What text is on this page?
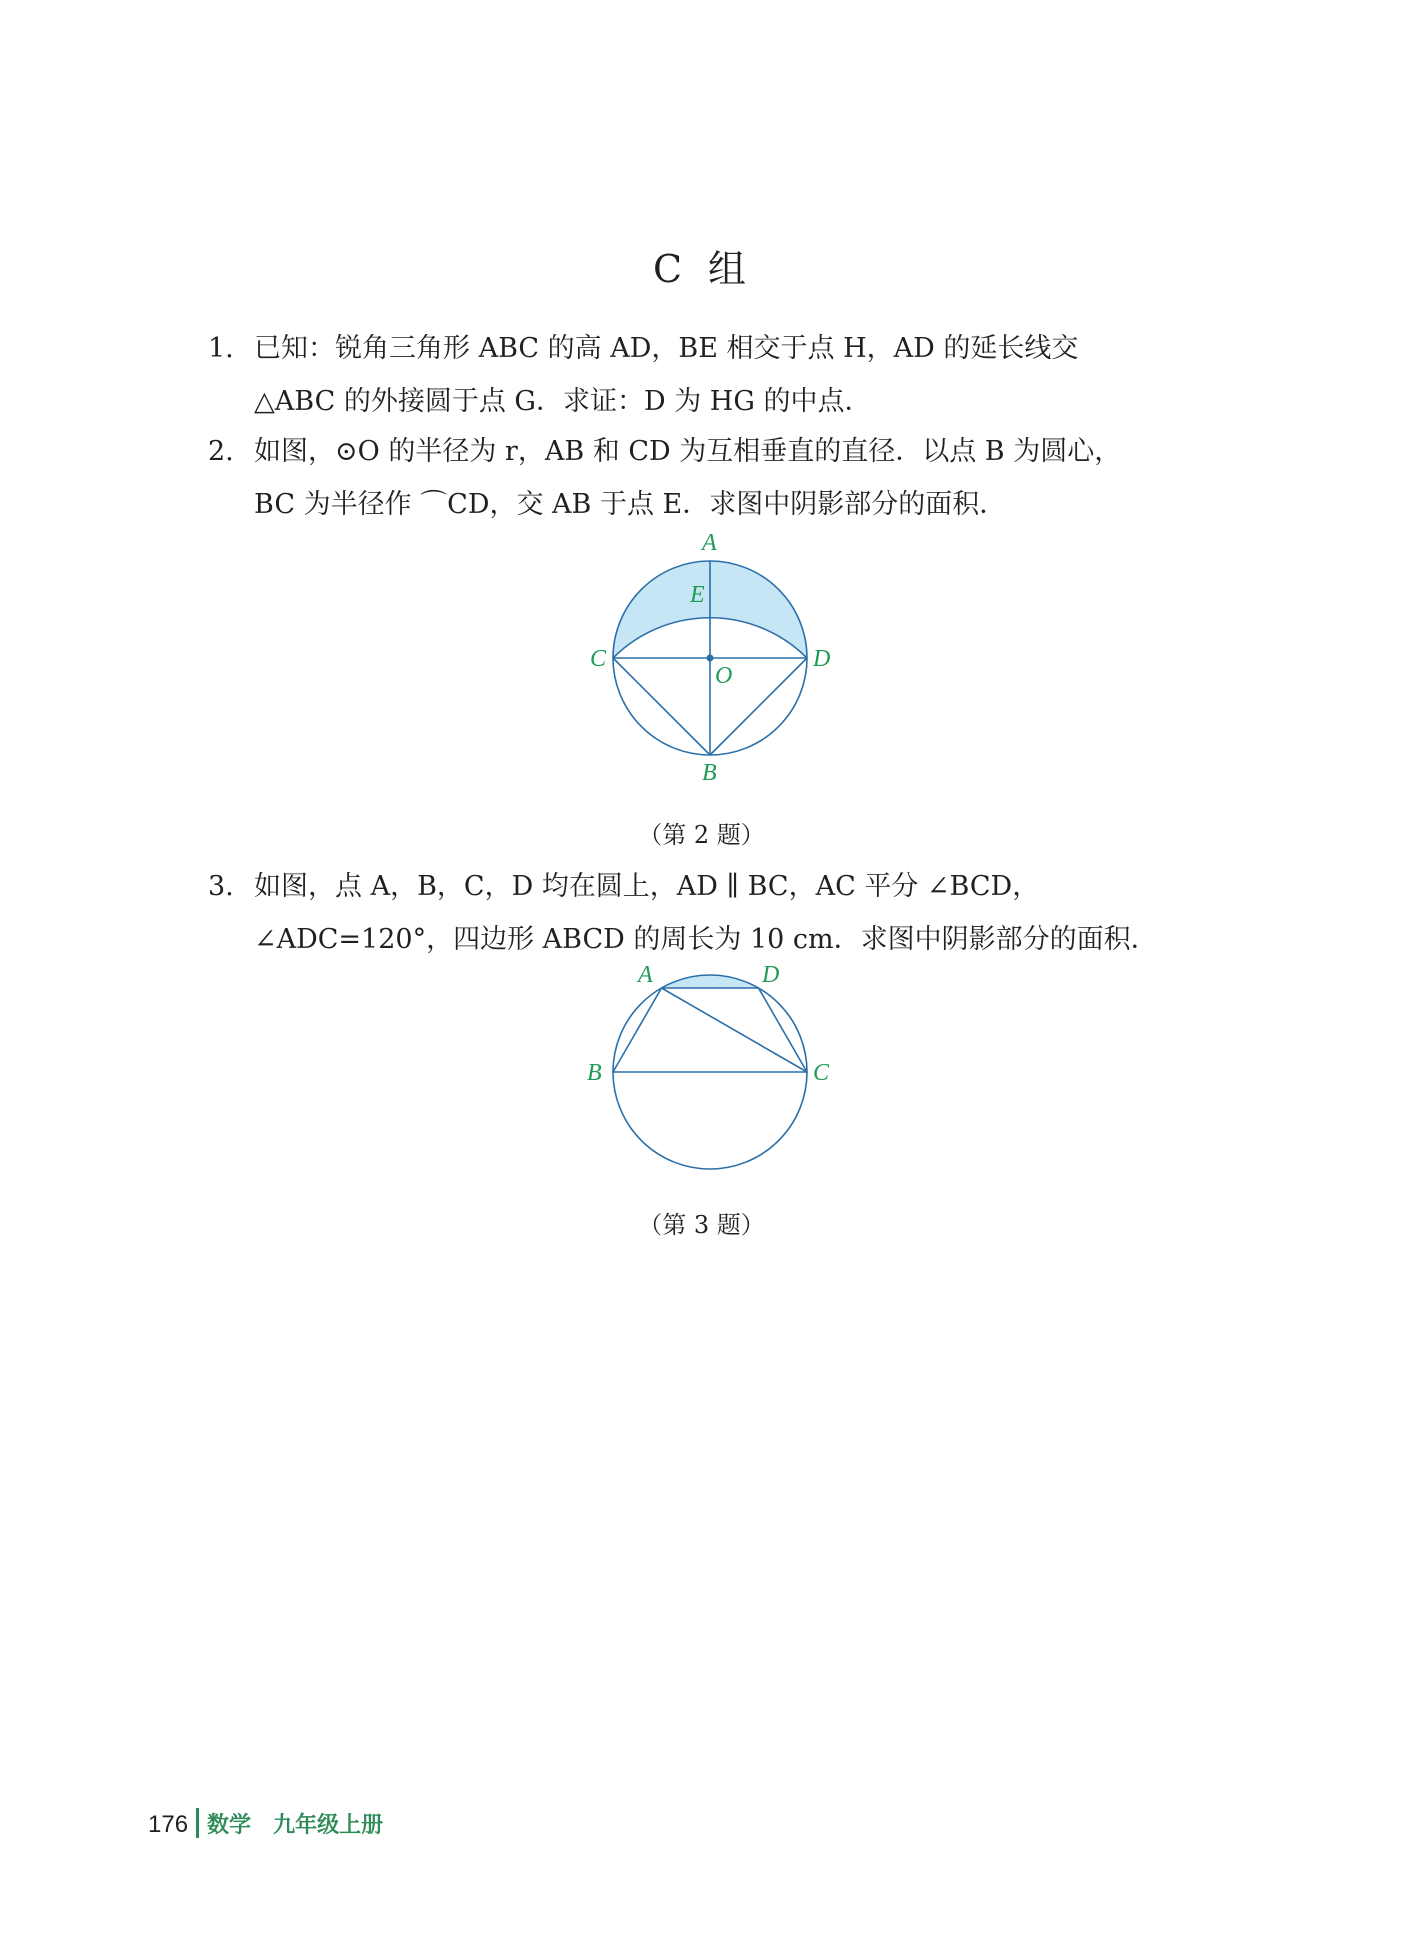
C 组
1. 已知：锐角三角形 ABC 的高 AD，BE 相交于点 H，AD 的延长线交
△ABC 的外接圆于点 G．求证：D 为 HG 的中点．
2. 如图，⊙O 的半径为 r，AB 和 CD 为互相垂直的直径．以点 B 为圆心，
BC 为半径作 ⌒CD，交 AB 于点 E．求图中阴影部分的面积．
A
E
C
O
D
B
（第 2 题）
3. 如图，点 A，B，C，D 均在圆上，AD ∥ BC，AC 平分 ∠BCD，
∠ADC=120°，四边形 ABCD 的周长为 10 cm．求图中阴影部分的面积．
A	D
B	C
（第 3 题）
176 数学 九年级上册
